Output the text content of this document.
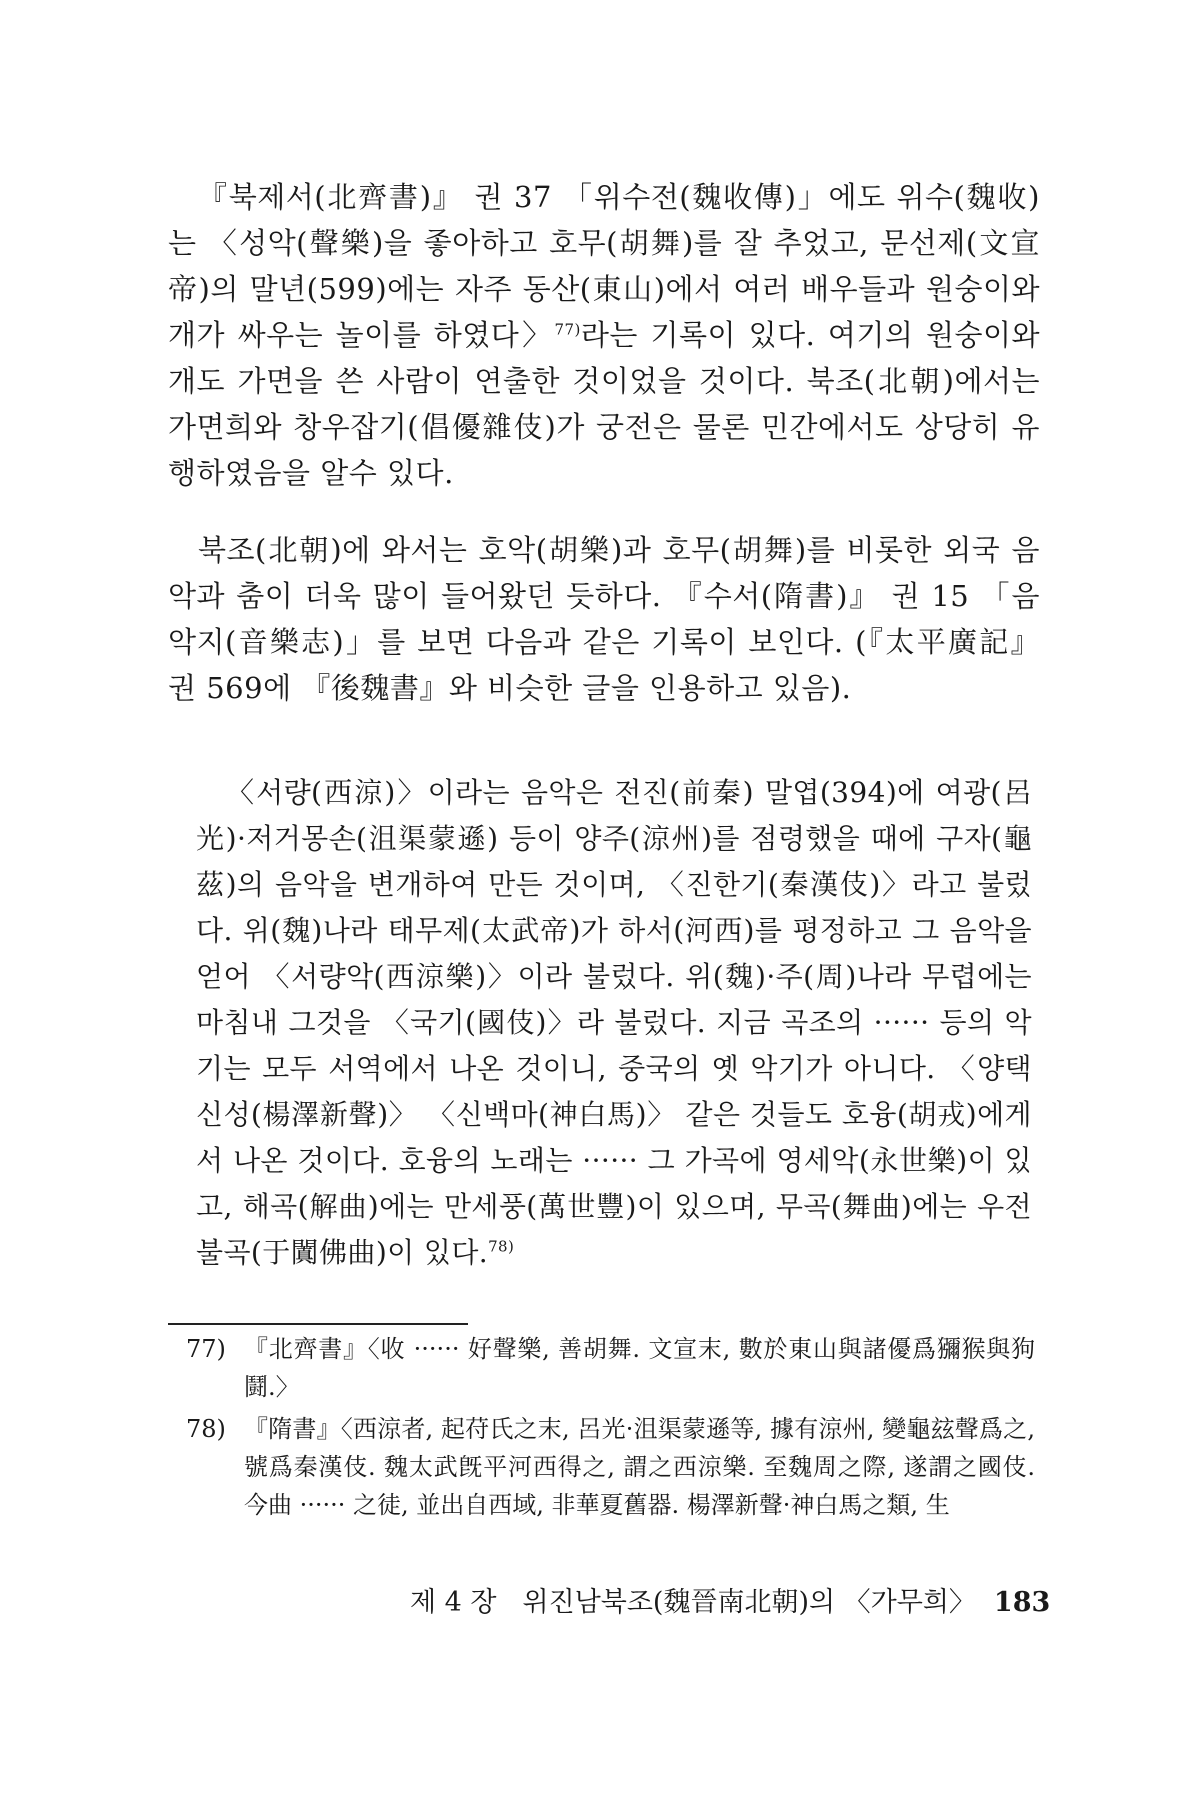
『북제서(北齊書)』 권 37 「위수전(魏收傳)」에도 위수(魏收)는 〈성악(聲樂)을 좋아하고 호무(胡舞)를 잘 추었고, 문선제(文宣帝)의 말년(599)에는 자주 동산(東山)에서 여러 배우들과 원숭이와 개가 싸우는 놀이를 하였다〉$^{77)}$라는 기록이 있다. 여기의 원숭이와 개도 가면을 쓴 사람이 연출한 것이었을 것이다. 북조(北朝)에서는 가면희와 창우잡기(倡優雜伎)가 궁전은 물론 민간에서도 상당히 유행하였음을 알수 있다.

북조(北朝)에 와서는 호악(胡樂)과 호무(胡舞)를 비롯한 외국 음악과 춤이 더욱 많이 들어왔던 듯하다. 『수서(隋書)』 권 15 「음악지(音樂志)」를 보면 다음과 같은 기록이 보인다. (『太平廣記』 권 569에 『後魏書』와 비슷한 글을 인용하고 있음).

〈서량(西涼)〉이라는 음악은 전진(前秦) 말엽(394)에 여광(呂光)·저거몽손(沮渠蒙遜) 등이 양주(涼州)를 점령했을 때에 구자(龜茲)의 음악을 변개하여 만든 것이며, 〈진한기(秦漢伎)〉라고 불렀다. 위(魏)나라 태무제(太武帝)가 하서(河西)를 평정하고 그 음악을 얻어 〈서량악(西涼樂)〉이라 불렀다. 위(魏)·주(周)나라 무렵에는 마침내 그것을 〈국기(國伎)〉라 불렀다. 지금 곡조의 ······ 등의 악기는 모두 서역에서 나온 것이니, 중국의 옛 악기가 아니다. 〈양택신성(楊澤新聲)〉 〈신백마(神白馬)〉 같은 것들도 호융(胡戎)에게서 나온 것이다. 호융의 노래는 ······ 그 가곡에 영세악(永世樂)이 있고, 해곡(解曲)에는 만세풍(萬世豐)이 있으며, 무곡(舞曲)에는 우전불곡(于闐佛曲)이 있다.$^{78)}$

77) 『北齊書』〈收 ······ 好聲樂, 善胡舞. 文宣末, 數於東山與諸優爲獼猴與狗鬪.〉
78) 『隋書』〈西涼者, 起苻氏之末, 呂光·沮渠蒙遜等, 據有涼州, 變龜玆聲爲之, 號爲秦漢伎. 魏太武旣平河西得之, 謂之西涼樂. 至魏周之際, 遂謂之國伎. 今曲 ······ 之徒, 並出自西域, 非華夏舊器. 楊澤新聲·神白馬之類, 生
제 4 장 위진남북조(魏晉南北朝)의 〈가무희〉 183
